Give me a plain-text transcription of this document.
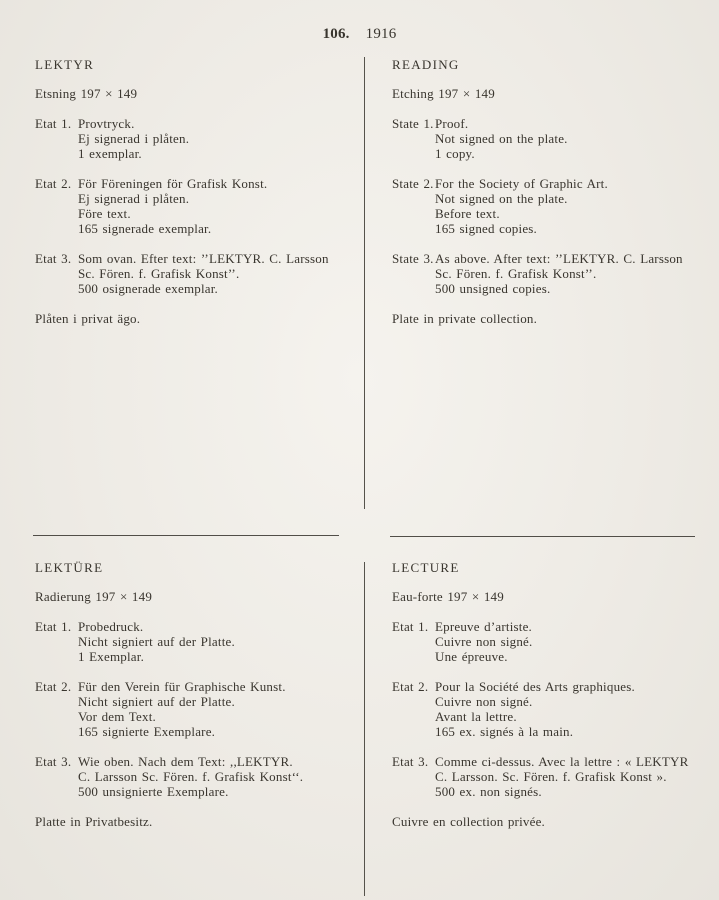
106. 1916
LEKTYR

Etsning 197 × 149

Etat 1. Provtryck.
Ej signerad i plåten.
1 exemplar.
Etat 2. För Föreningen för Grafisk Konst.
Ej signerad i plåten.
Före text.
165 signerade exemplar.
Etat 3. Som ovan. Efter text: ’’LEKTYR. C. Larsson
Sc. Fören. f. Grafisk Konst’’.
500 osignerade exemplar.

Plåten i privat ägo.

READING

Etching 197 × 149

State 1. Proof.
Not signed on the plate.
1 copy.
State 2. For the Society of Graphic Art.
Not signed on the plate.
Before text.
165 signed copies.
State 3. As above. After text: ’’LEKTYR. C. Larsson
Sc. Fören. f. Grafisk Konst’’.
500 unsigned copies.

Plate in private collection.

LEKTÜRE

Radierung 197 × 149

Etat 1. Probedruck.
Nicht signiert auf der Platte.
1 Exemplar.
Etat 2. Für den Verein für Graphische Kunst.
Nicht signiert auf der Platte.
Vor dem Text.
165 signierte Exemplare.
Etat 3. Wie oben. Nach dem Text: ,,LEKTYR.
C. Larsson Sc. Fören. f. Grafisk Konst‘‘.
500 unsignierte Exemplare.

Platte in Privatbesitz.

LECTURE

Eau-forte 197 × 149

Etat 1. Epreuve d’artiste.
Cuivre non signé.
Une épreuve.
Etat 2. Pour la Société des Arts graphiques.
Cuivre non signé.
Avant la lettre.
165 ex. signés à la main.
Etat 3. Comme ci-dessus. Avec la lettre : « LEKTYR
C. Larsson. Sc. Fören. f. Grafisk Konst ».
500 ex. non signés.

Cuivre en collection privée.
